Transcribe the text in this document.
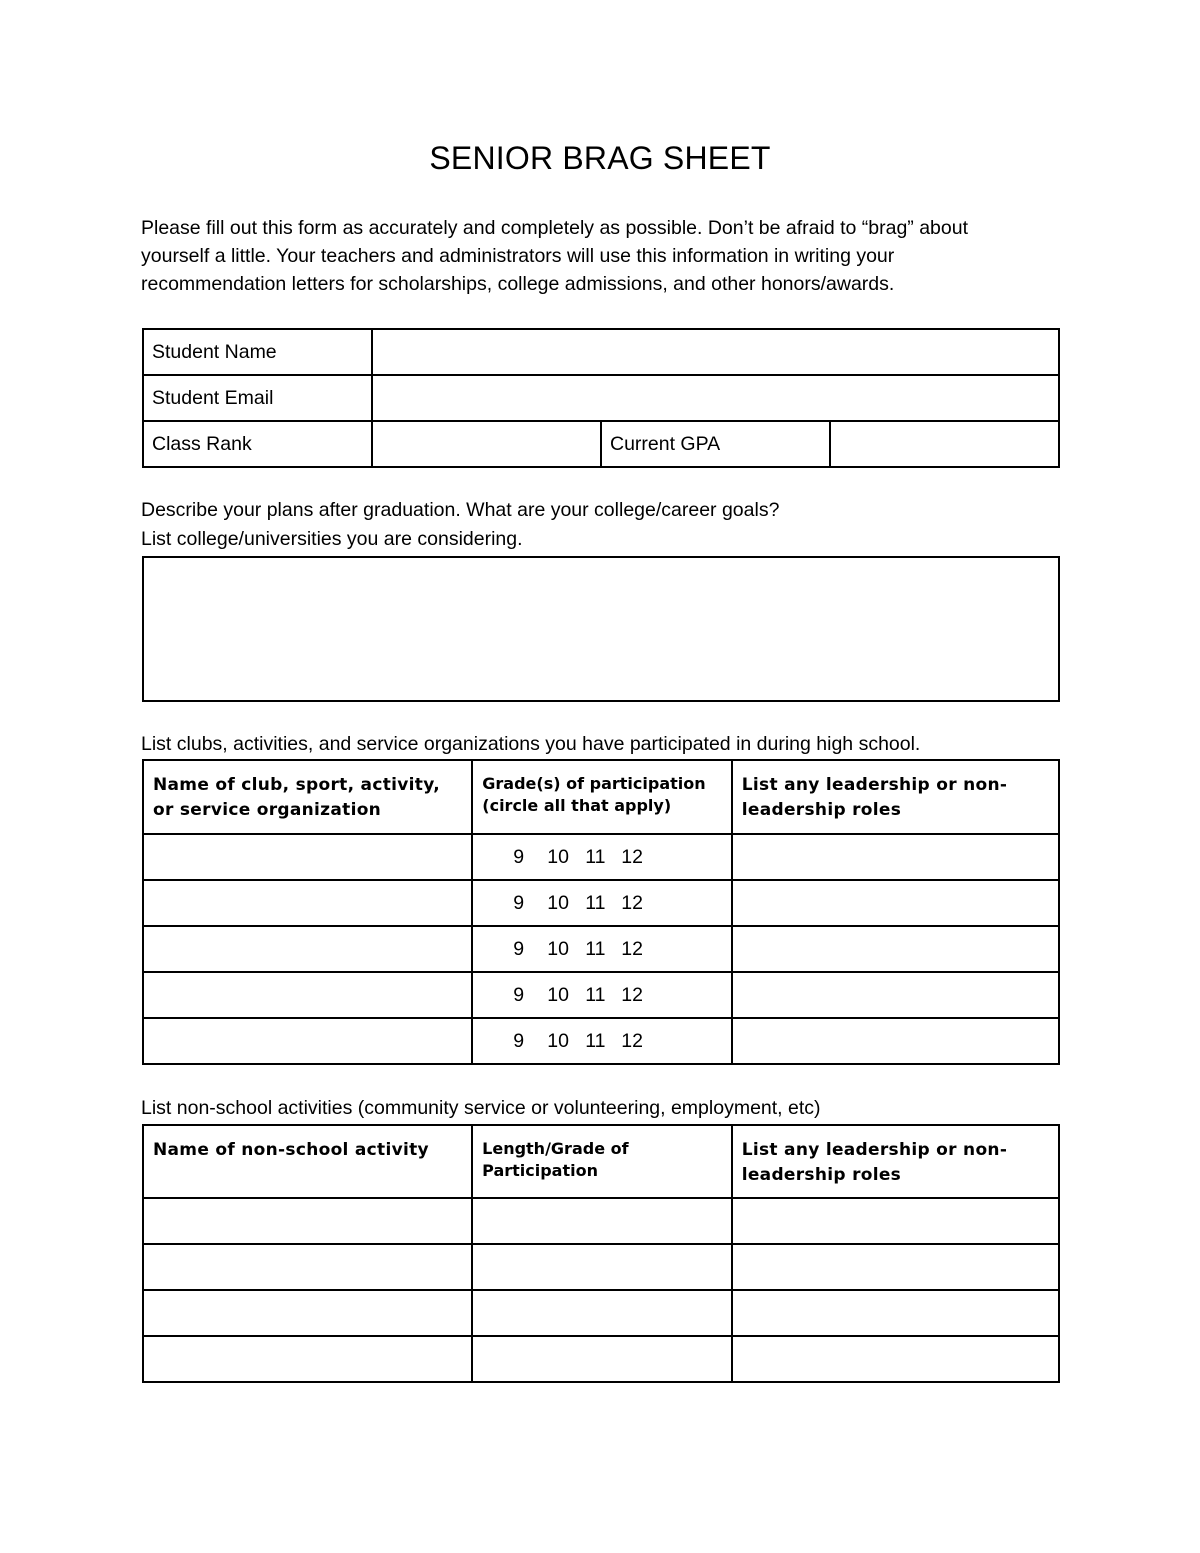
SENIOR BRAG SHEET
Please fill out this form as accurately and completely as possible. Don’t be afraid to “brag” about
yourself a little. Your teachers and administrators will use this information in writing your
recommendation letters for scholarships, college admissions, and other honors/awards.
Student Name			
Student Email			
Class Rank		Current GPA	
Describe your plans after graduation. What are your college/career goals?
List college/universities you are considering.
List clubs, activities, and service organizations you have participated in during high school.
Name of club, sport, activity, or service organization	Grade(s) of participation (circle all that apply)	List any leadership or non-leadership roles
	9 10 11 12	
	9 10 11 12	
	9 10 11 12	
	9 10 11 12	
	9 10 11 12	
List non-school activities (community service or volunteering, employment, etc)
Name of non-school activity	Length/Grade of Participation	List any leadership or non-leadership roles
